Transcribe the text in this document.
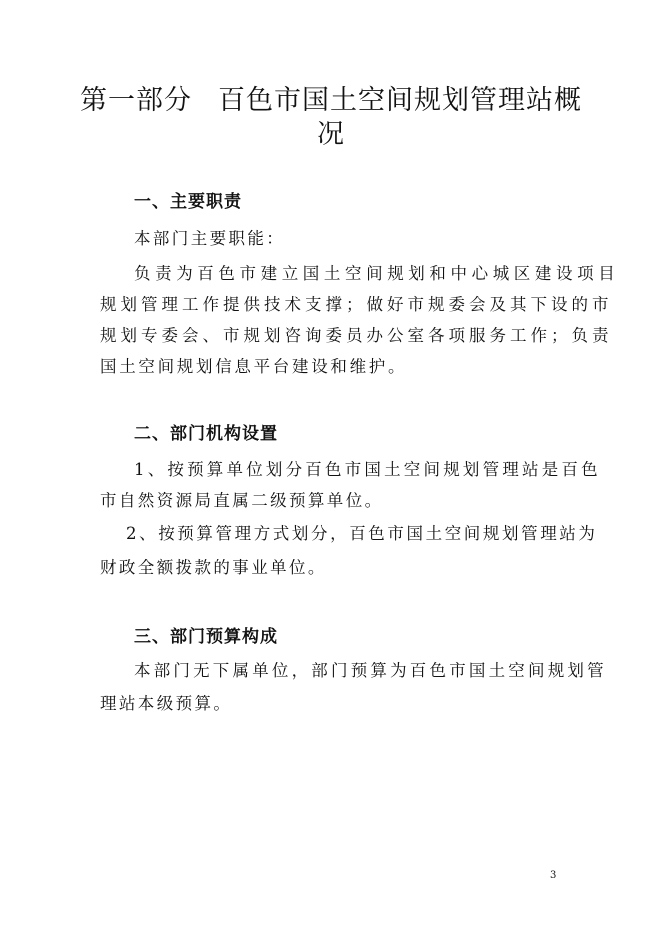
第一部分 百色市国土空间规划管理站概
况
一、主要职责
本部门主要职能：
负责为百色市建立国土空间规划和中心城区建设项目
规划管理工作提供技术支撑；做好市规委会及其下设的市
规划专委会、市规划咨询委员办公室各项服务工作；负责
国土空间规划信息平台建设和维护。
二、部门机构设置
1、按预算单位划分百色市国土空间规划管理站是百色
市自然资源局直属二级预算单位。
2、按预算管理方式划分，百色市国土空间规划管理站为
财政全额拨款的事业单位。
三、部门预算构成
本部门无下属单位，部门预算为百色市国土空间规划管
理站本级预算。
3
